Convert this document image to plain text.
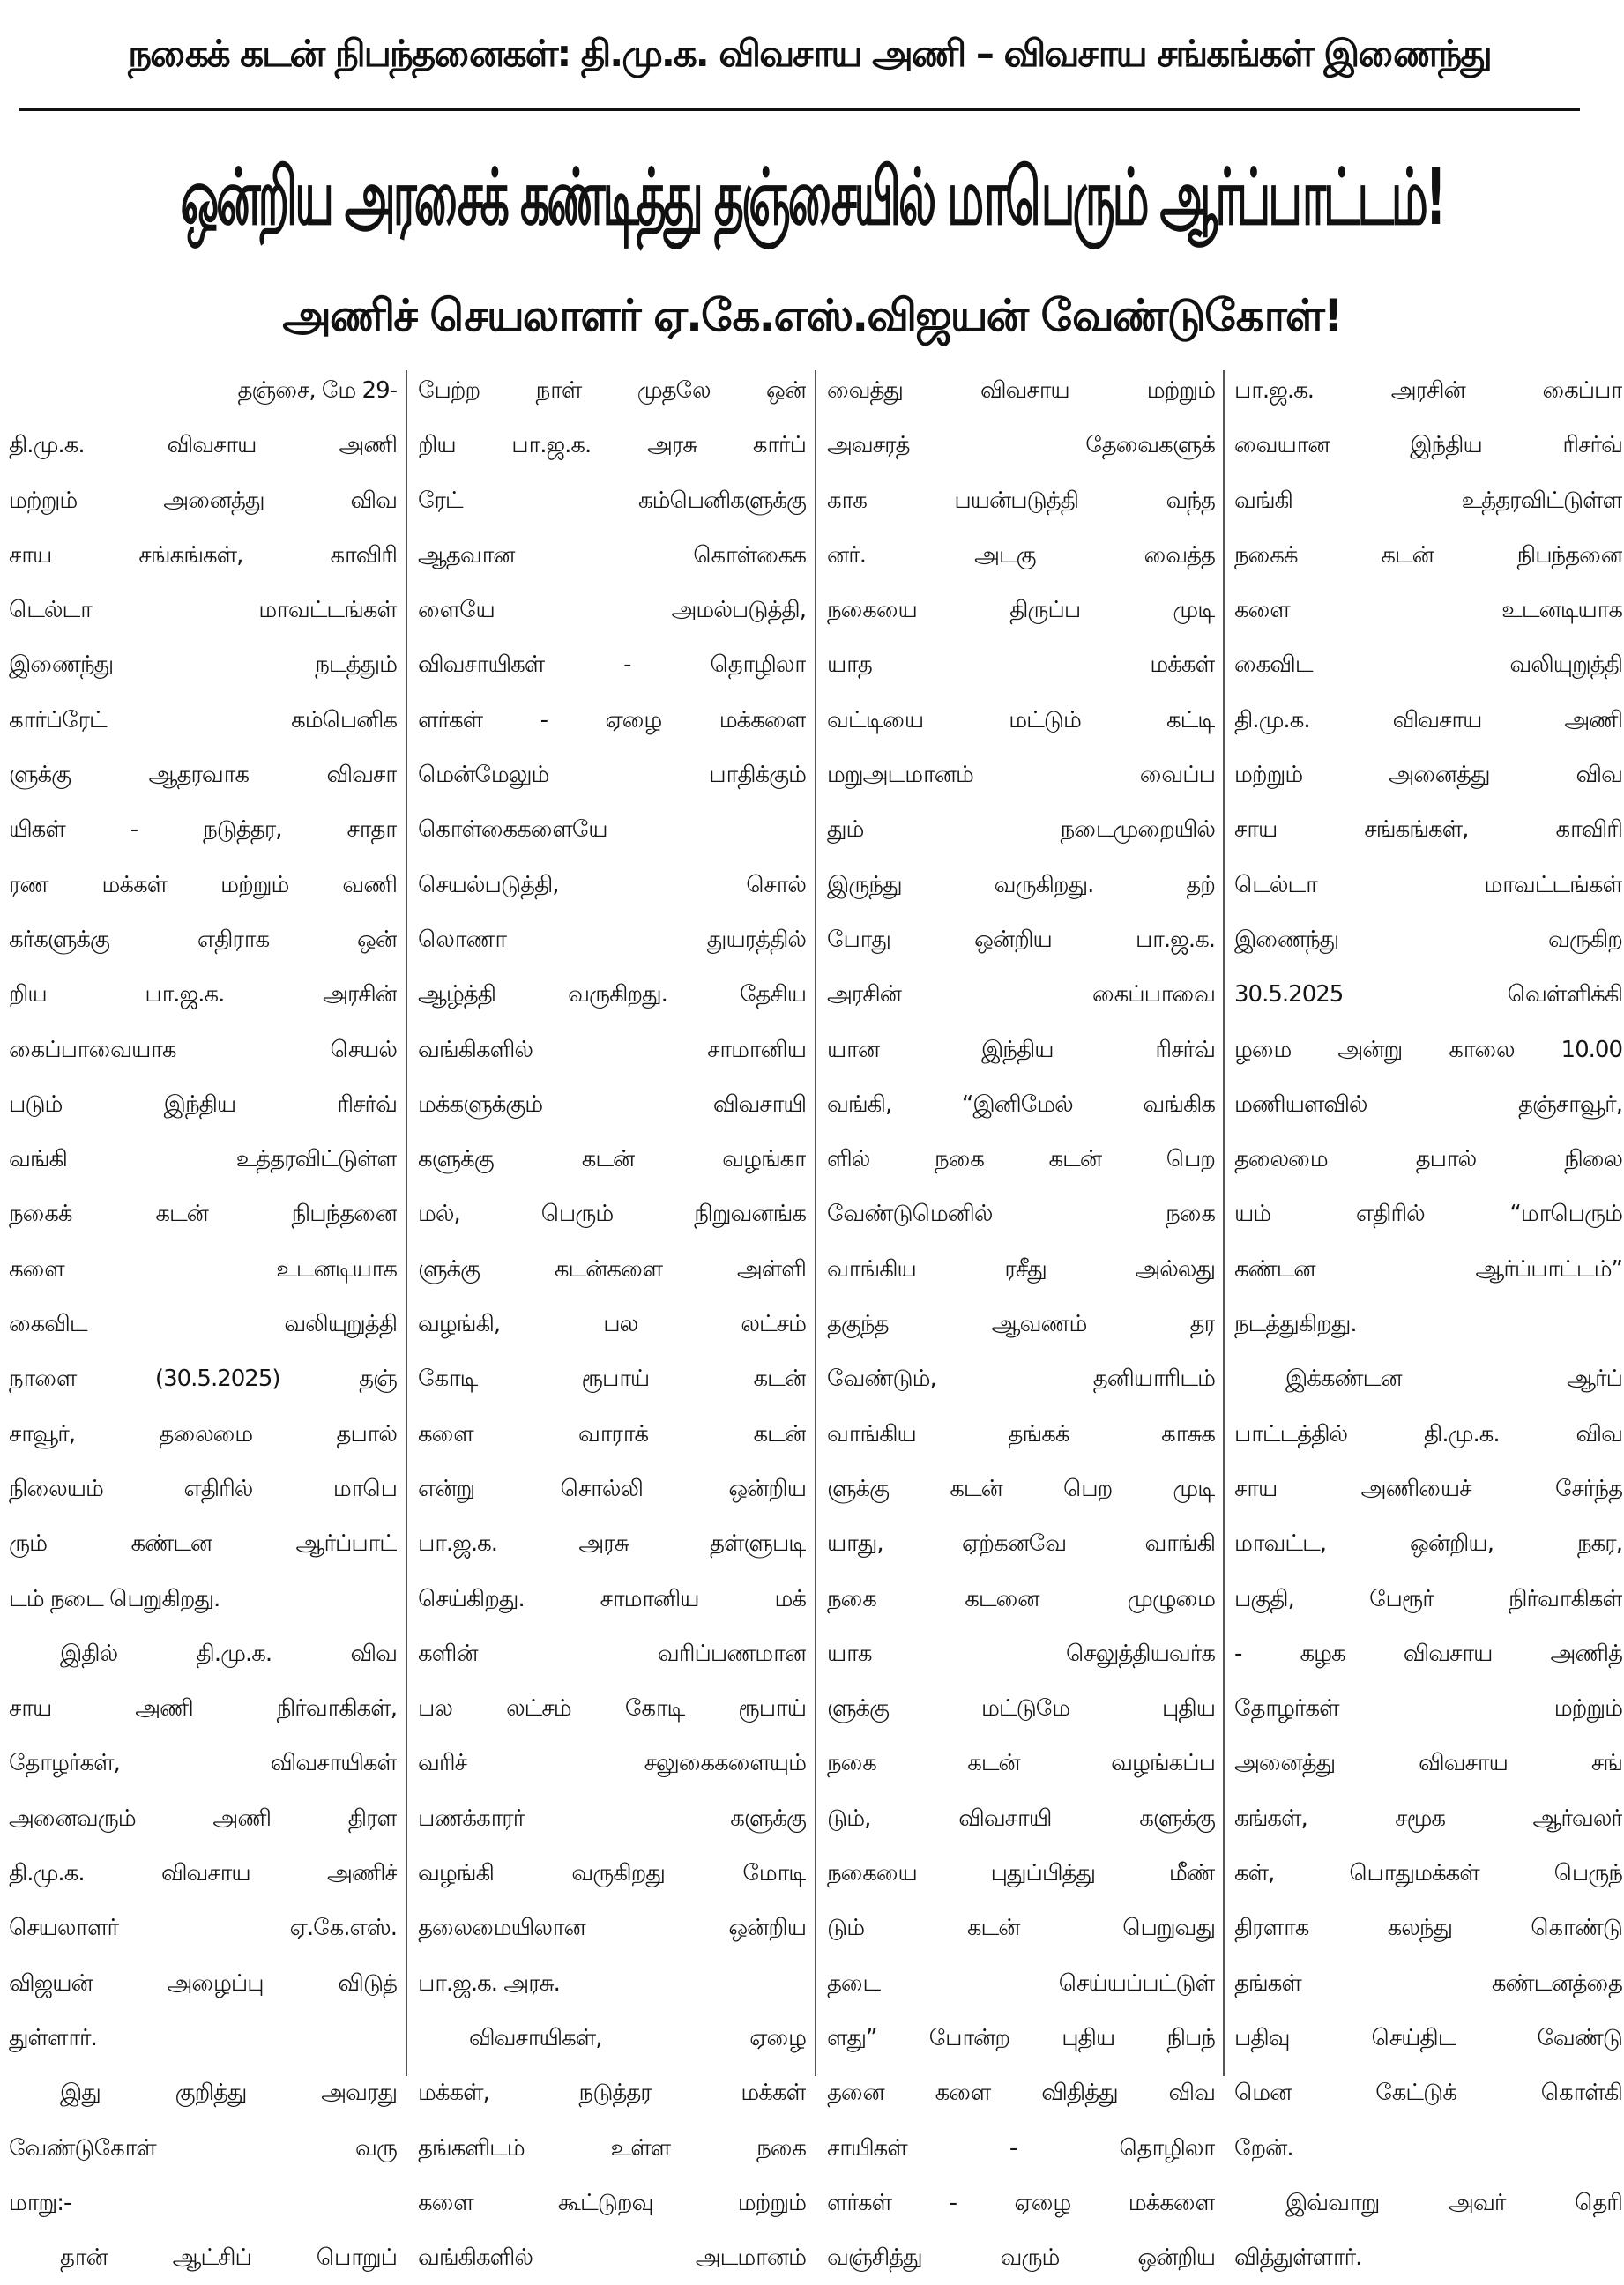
நகைக் கடன் நிபந்தனைகள்: தி.மு.க. விவசாய அணி – விவசாய சங்கங்கள் இணைந்து
ஒன்றிய அரசைக் கண்டித்து தஞ்சையில் மாபெரும் ஆர்ப்பாட்டம்!
அணிச் செயலாளர் ஏ.கே.எஸ்.விஜயன் வேண்டுகோள்!
தஞ்சை, மே 29-
தி.மு.க. விவசாய அணி
மற்றும் அனைத்து விவ
சாய சங்கங்கள், காவிரி
டெல்டா மாவட்டங்கள்
இணைந்து நடத்தும்
கார்ப்ரேட் கம்பெனிக
ளுக்கு ஆதரவாக விவசா
யிகள் - நடுத்தர, சாதா
ரண மக்கள் மற்றும் வணி
கர்களுக்கு எதிராக ஒன்
றிய பா.ஜ.க. அரசின்
கைப்பாவையாக செயல்
படும் இந்திய ரிசர்வ்
வங்கி உத்தரவிட்டுள்ள
நகைக் கடன் நிபந்தனை
களை உடனடியாக
கைவிட வலியுறுத்தி
நாளை (30.5.2025) தஞ்
சாவூர், தலைமை தபால்
நிலையம் எதிரில் மாபெ
ரும் கண்டன ஆர்ப்பாட்
டம் நடை பெறுகிறது.
இதில் தி.மு.க. விவ
சாய அணி நிர்வாகிகள்,
தோழர்கள், விவசாயிகள்
அனைவரும் அணி திரள
தி.மு.க. விவசாய அணிச்
செயலாளர் ஏ.கே.எஸ்.
விஜயன் அழைப்பு விடுத்
துள்ளார்.
இது குறித்து அவரது
வேண்டுகோள் வரு
மாறு:-
தான் ஆட்சிப் பொறுப்
பேற்ற நாள் முதலே ஒன்
றிய பா.ஜ.க. அரசு கார்ப்
ரேட் கம்பெனிகளுக்கு
ஆதவான கொள்கைக
ளையே அமல்படுத்தி,
விவசாயிகள் - தொழிலா
ளர்கள் - ஏழை மக்களை
மென்மேலும் பாதிக்கும்
கொள்கைகளையே
செயல்படுத்தி, சொல்
லொணா துயரத்தில்
ஆழ்த்தி வருகிறது. தேசிய
வங்கிகளில் சாமானிய
மக்களுக்கும் விவசாயி
களுக்கு கடன் வழங்கா
மல், பெரும் நிறுவனங்க
ளுக்கு கடன்களை அள்ளி
வழங்கி, பல லட்சம்
கோடி ரூபாய் கடன்
களை வாராக் கடன்
என்று சொல்லி ஒன்றிய
பா.ஜ.க. அரசு தள்ளுபடி
செய்கிறது. சாமானிய மக்
களின் வரிப்பணமான
பல லட்சம் கோடி ரூபாய்
வரிச் சலுகைகளையும்
பணக்காரர் களுக்கு
வழங்கி வருகிறது மோடி
தலைமையிலான ஒன்றிய
பா.ஜ.க. அரசு.
விவசாயிகள், ஏழை
மக்கள், நடுத்தர மக்கள்
தங்களிடம் உள்ள நகை
களை கூட்டுறவு மற்றும்
வங்கிகளில் அடமானம்
வைத்து விவசாய மற்றும்
அவசரத் தேவைகளுக்
காக பயன்படுத்தி வந்த
னர். அடகு வைத்த
நகையை திருப்ப முடி
யாத மக்கள்
வட்டியை மட்டும் கட்டி
மறுஅடமானம் வைப்ப
தும் நடைமுறையில்
இருந்து வருகிறது. தற்
போது ஒன்றிய பா.ஜ.க.
அரசின் கைப்பாவை
யான இந்திய ரிசர்வ்
வங்கி, “இனிமேல் வங்கிக
ளில் நகை கடன் பெற
வேண்டுமெனில் நகை
வாங்கிய ரசீது அல்லது
தகுந்த ஆவணம் தர
வேண்டும், தனியாரிடம்
வாங்கிய தங்கக் காசுக
ளுக்கு கடன் பெற முடி
யாது, ஏற்கனவே வாங்கி
நகை கடனை முழுமை
யாக செலுத்தியவர்க
ளுக்கு மட்டுமே புதிய
நகை கடன் வழங்கப்ப
டும், விவசாயி களுக்கு
நகையை புதுப்பித்து மீண்
டும் கடன் பெறுவது
தடை செய்யப்பட்டுள்
ளது” போன்ற புதிய நிபந்
தனை களை விதித்து விவ
சாயிகள் - தொழிலா
ளர்கள் - ஏழை மக்களை
வஞ்சித்து வரும் ஒன்றிய
பா.ஜ.க. அரசின் கைப்பா
வையான இந்திய ரிசர்வ்
வங்கி உத்தரவிட்டுள்ள
நகைக் கடன் நிபந்தனை
களை உடனடியாக
கைவிட வலியுறுத்தி
தி.மு.க. விவசாய அணி
மற்றும் அனைத்து விவ
சாய சங்கங்கள், காவிரி
டெல்டா மாவட்டங்கள்
இணைந்து வருகிற
30.5.2025 வெள்ளிக்கி
ழமை அன்று காலை 10.00
மணியளவில் தஞ்சாவூர்,
தலைமை தபால் நிலை
யம் எதிரில் “மாபெரும்
கண்டன ஆர்ப்பாட்டம்”
நடத்துகிறது.
இக்கண்டன ஆர்ப்
பாட்டத்தில் தி.மு.க. விவ
சாய அணியைச் சேர்ந்த
மாவட்ட, ஒன்றிய, நகர,
பகுதி, பேரூர் நிர்வாகிகள்
- கழக விவசாய அணித்
தோழர்கள் மற்றும்
அனைத்து விவசாய சங்
கங்கள், சமூக ஆர்வலர்
கள், பொதுமக்கள் பெருந்
திரளாக கலந்து கொண்டு
தங்கள் கண்டனத்தை
பதிவு செய்திட வேண்டு
மென கேட்டுக் கொள்கி
றேன்.
இவ்வாறு அவர் தெரி
வித்துள்ளார்.
